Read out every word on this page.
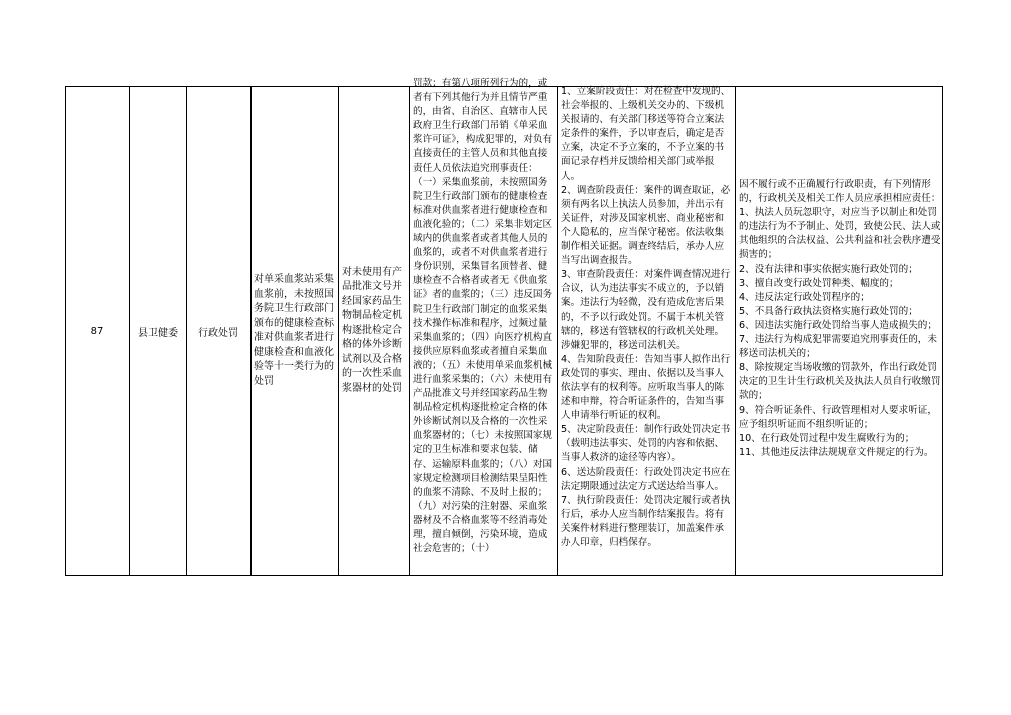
87	县卫健委 行政处罚
对单采血浆站采集血浆前，未按照国务院卫生行政部门颁布的健康检查标准对供血浆者进行健康检查和血液化验等十一类行为的处罚
对未使用有产品批准文号并经国家药品生物制品检定机构逐批检定合格的体外诊断试剂以及合格的一次性采血浆器材的处罚
罚款；有第八项所列行为的，或者有下列其他行为并且情节严重的，由省、自治区、直辖市人民政府卫生行政部门吊销《单采血浆许可证》，构成犯罪的，对负有直接责任的主管人员和其他直接责任人员依法追究刑事责任：（一）采集血浆前，未按照国务院卫生行政部门颁布的健康检查标准对供血浆者进行健康检查和血液化验的；（二）采集非划定区域内的供血浆者或者其他人员的血浆的，或者不对供血浆者进行身份识别，采集冒名顶替者、健康检查不合格者或者无《供血浆证》者的血浆的；（三）违反国务院卫生行政部门制定的血浆采集技术操作标准和程序，过频过量采集血浆的；（四）向医疗机构直接供应原料血浆或者擅自采集血液的；（五）未使用单采血浆机械进行血浆采集的；（六）未使用有产品批准文号并经国家药品生物制品检定机构逐批检定合格的体外诊断试剂以及合格的一次性采血浆器材的；（七）未按照国家规定的卫生标准和要求包装、储存、运输原料血浆的；（八）对国家规定检测项目检测结果呈阳性的血浆不清除、不及时上报的；（九）对污染的注射器、采血浆器材及不合格血浆等不经消毒处理，擅自倾倒，污染环境，造成社会危害的；（十）
1、立案阶段责任：对在检查中发现的、社会举报的、上级机关交办的、下级机关报请的、有关部门移送等符合立案法定条件的案件，予以审查后，确定是否立案，决定不予立案的，不予立案的书面记录存档并反馈给相关部门或举报人。
2、调查阶段责任：案件的调查取证，必须有两名以上执法人员参加，并出示有关证件，对涉及国家机密、商业秘密和个人隐私的，应当保守秘密。依法收集制作相关证据。调查终结后，承办人应当写出调查报告。
3、审查阶段责任：对案件调查情况进行合议，认为违法事实不成立的，予以销案。违法行为轻微，没有造成危害后果的，不予以行政处罚。不属于本机关管辖的，移送有管辖权的行政机关处理。涉嫌犯罪的，移送司法机关。
4、告知阶段责任：告知当事人拟作出行政处罚的事实、理由、依据以及当事人依法享有的权利等。应听取当事人的陈述和申辩，符合听证条件的，告知当事人申请举行听证的权利。
5、决定阶段责任：制作行政处罚决定书（载明违法事实、处罚的内容和依据、当事人救济的途径等内容）。
6、送达阶段责任：行政处罚决定书应在法定期限通过法定方式送达给当事人。
7、执行阶段责任：处罚决定履行或者执行后，承办人应当制作结案报告。将有关案件材料进行整理装订，加盖案件承办人印章，归档保存。
因不履行或不正确履行行政职责，有下列情形的，行政机关及相关工作人员应承担相应责任：
1、执法人员玩忽职守，对应当予以制止和处罚的违法行为不予制止、处罚，致使公民、法人或其他组织的合法权益、公共利益和社会秩序遭受损害的；
2、没有法律和事实依据实施行政处罚的；
3、擅自改变行政处罚种类、幅度的；
4、违反法定行政处罚程序的；
5、不具备行政执法资格实施行政处罚的；
6、因违法实施行政处罚给当事人造成损失的；
7、违法行为构成犯罪需要追究刑事责任的，未移送司法机关的；
8、除按规定当场收缴的罚款外，作出行政处罚决定的卫生计生行政机关及执法人员自行收缴罚款的；
9、符合听证条件、行政管理相对人要求听证，应予组织听证而不组织听证的；
10、在行政处罚过程中发生腐败行为的；
11、其他违反法律法规规章文件规定的行为。
